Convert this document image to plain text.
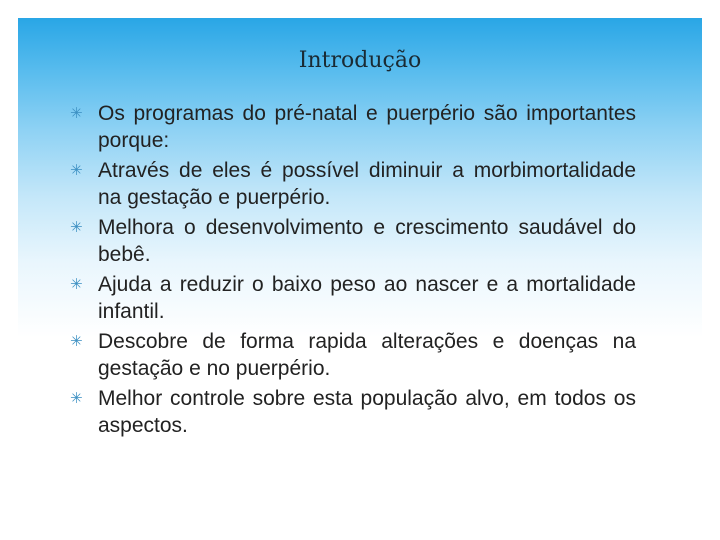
Introdução
✳ Os programas do pré-natal e puerpério são importantes porque:
✳ Através de eles é possível diminuir a morbimortalidade na gestação e puerpério.
✳ Melhora o desenvolvimento e crescimento saudável do bebê.
✳ Ajuda a reduzir o baixo peso ao nascer e a mortalidade infantil.
✳ Descobre de forma rapida alterações e doenças na gestação e no puerpério.
✳ Melhor controle sobre esta população alvo, em todos os aspectos.
